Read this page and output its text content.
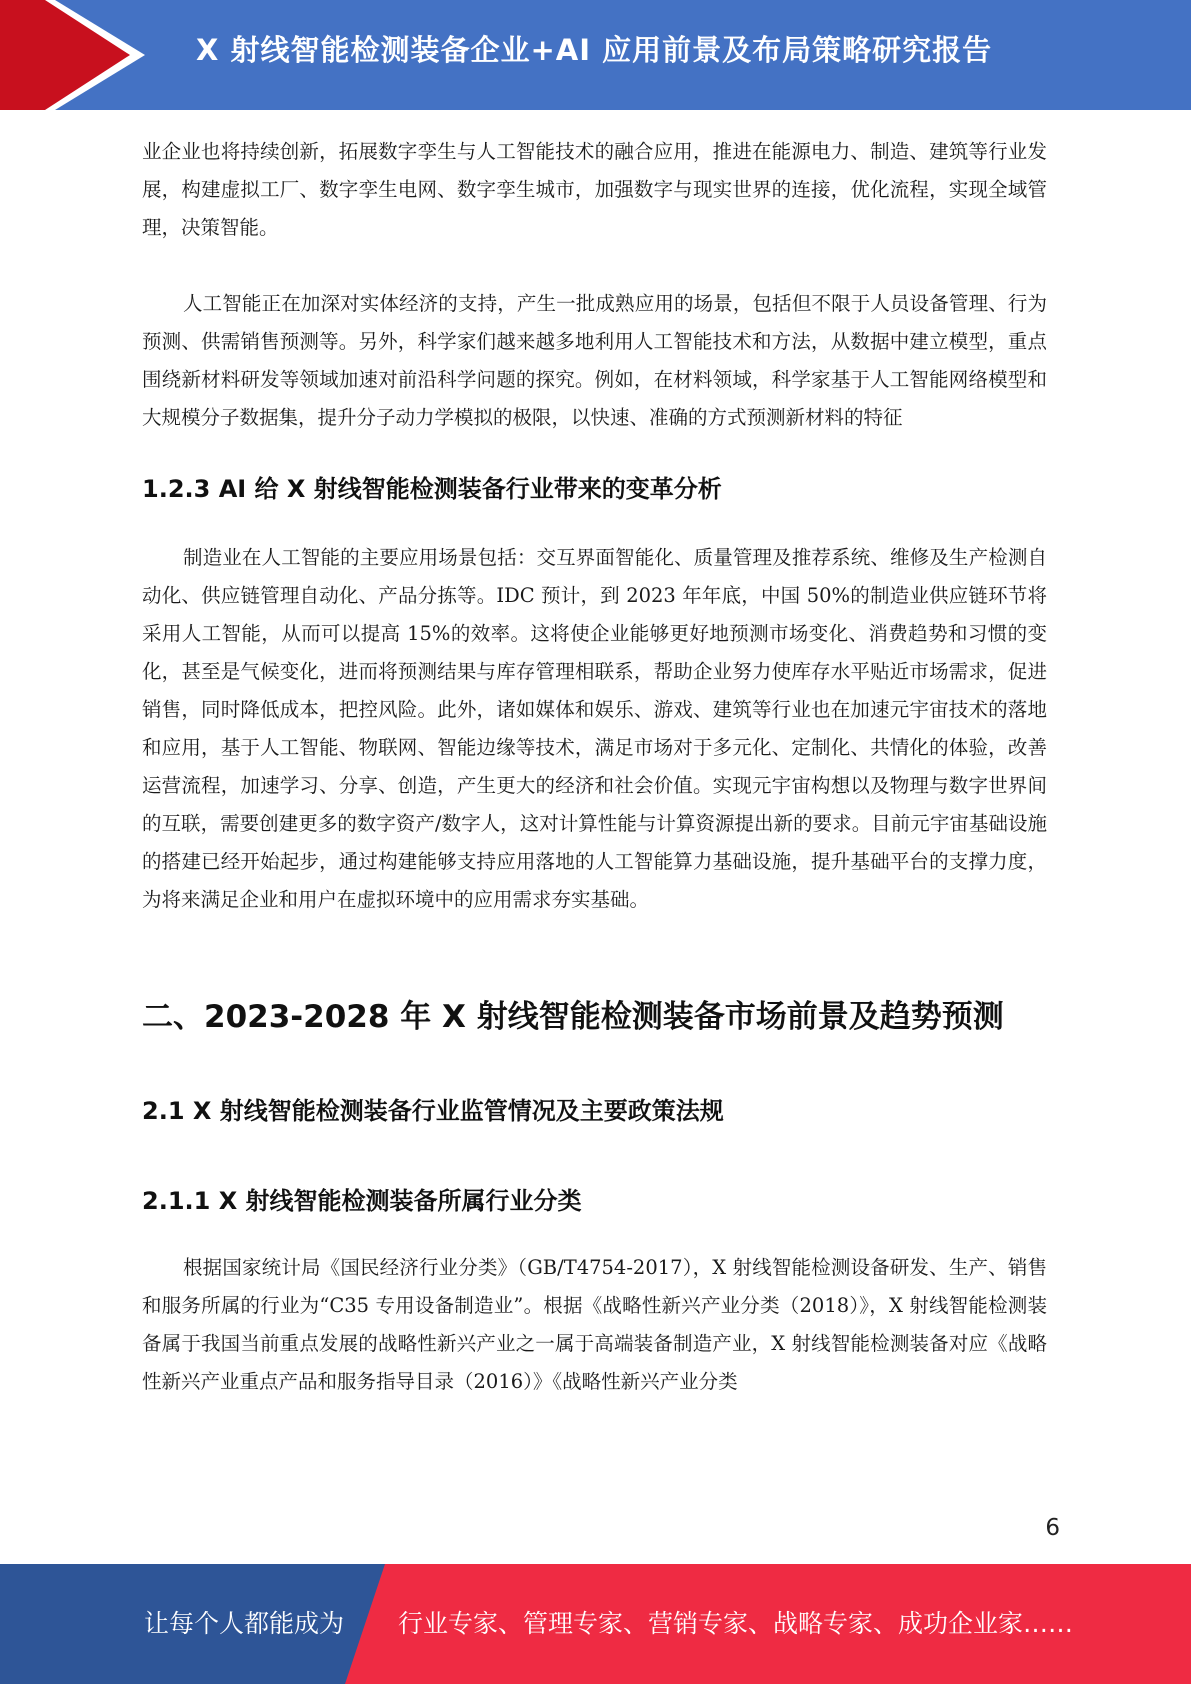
X 射线智能检测装备企业+AI 应用前景及布局策略研究报告

业企业也将持续创新，拓展数字孪生与人工智能技术的融合应用，推进在能源电力、制造、建筑等行业发展，构建虚拟工厂、数字孪生电网、数字孪生城市，加强数字与现实世界的连接，优化流程，实现全域管理，决策智能。

人工智能正在加深对实体经济的支持，产生一批成熟应用的场景，包括但不限于人员设备管理、行为预测、供需销售预测等。另外，科学家们越来越多地利用人工智能技术和方法，从数据中建立模型，重点围绕新材料研发等领域加速对前沿科学问题的探究。例如，在材料领域，科学家基于人工智能网络模型和大规模分子数据集，提升分子动力学模拟的极限，以快速、准确的方式预测新材料的特征

1.2.3 AI 给 X 射线智能检测装备行业带来的变革分析

制造业在人工智能的主要应用场景包括：交互界面智能化、质量管理及推荐系统、维修及生产检测自动化、供应链管理自动化、产品分拣等。IDC 预计，到 2023 年年底，中国 50%的制造业供应链环节将采用人工智能，从而可以提高 15%的效率。这将使企业能够更好地预测市场变化、消费趋势和习惯的变化，甚至是气候变化，进而将预测结果与库存管理相联系，帮助企业努力使库存水平贴近市场需求，促进销售，同时降低成本，把控风险。此外，诸如媒体和娱乐、游戏、建筑等行业也在加速元宇宙技术的落地和应用，基于人工智能、物联网、智能边缘等技术，满足市场对于多元化、定制化、共情化的体验，改善运营流程，加速学习、分享、创造，产生更大的经济和社会价值。实现元宇宙构想以及物理与数字世界间的互联，需要创建更多的数字资产/数字人，这对计算性能与计算资源提出新的要求。目前元宇宙基础设施的搭建已经开始起步，通过构建能够支持应用落地的人工智能算力基础设施，提升基础平台的支撑力度，为将来满足企业和用户在虚拟环境中的应用需求夯实基础。

二、2023-2028 年 X 射线智能检测装备市场前景及趋势预测
2.1 X 射线智能检测装备行业监管情况及主要政策法规
2.1.1 X 射线智能检测装备所属行业分类

根据国家统计局《国民经济行业分类》（GB/T4754-2017），X 射线智能检测设备研发、生产、销售和服务所属的行业为“C35 专用设备制造业”。根据《战略性新兴产业分类（2018）》，X 射线智能检测装备属于我国当前重点发展的战略性新兴产业之一属于高端装备制造产业，X 射线智能检测装备对应《战略性新兴产业重点产品和服务指导目录（2016）》《战略性新兴产业分类

6
让每个人都能成为 行业专家、管理专家、营销专家、战略专家、成功企业家……
